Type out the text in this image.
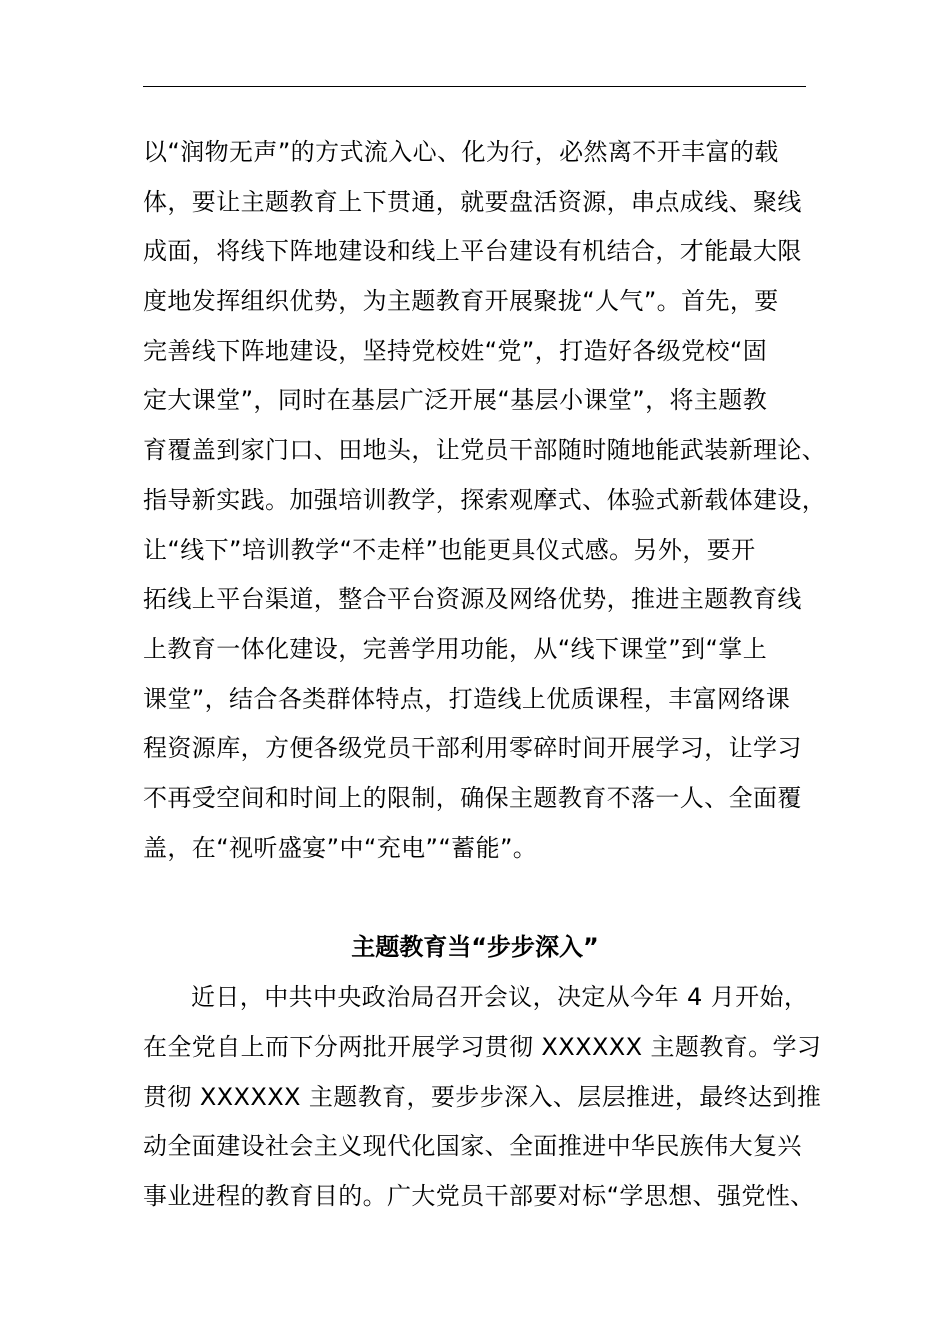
以“润物无声”的方式流入心、化为行，必然离不开丰富的载
体，要让主题教育上下贯通，就要盘活资源，串点成线、聚线
成面，将线下阵地建设和线上平台建设有机结合，才能最大限
度地发挥组织优势，为主题教育开展聚拢“人气”。首先，要
完善线下阵地建设，坚持党校姓“党”，打造好各级党校“固
定大课堂”，同时在基层广泛开展“基层小课堂”，将主题教
育覆盖到家门口、田地头，让党员干部随时随地能武装新理论、
指导新实践。加强培训教学，探索观摩式、体验式新载体建设，
让“线下”培训教学“不走样”也能更具仪式感。另外，要开
拓线上平台渠道，整合平台资源及网络优势，推进主题教育线
上教育一体化建设，完善学用功能，从“线下课堂”到“掌上
课堂”，结合各类群体特点，打造线上优质课程，丰富网络课
程资源库，方便各级党员干部利用零碎时间开展学习，让学习
不再受空间和时间上的限制，确保主题教育不落一人、全面覆
盖，在“视听盛宴”中“充电”“蓄能”。
主题教育当“步步深入”
近日，中共中央政治局召开会议，决定从今年 4 月开始，
在全党自上而下分两批开展学习贯彻 XXXXXX 主题教育。学习
贯彻 XXXXXX 主题教育，要步步深入、层层推进，最终达到推
动全面建设社会主义现代化国家、全面推进中华民族伟大复兴
事业进程的教育目的。广大党员干部要对标“学思想、强党性、
